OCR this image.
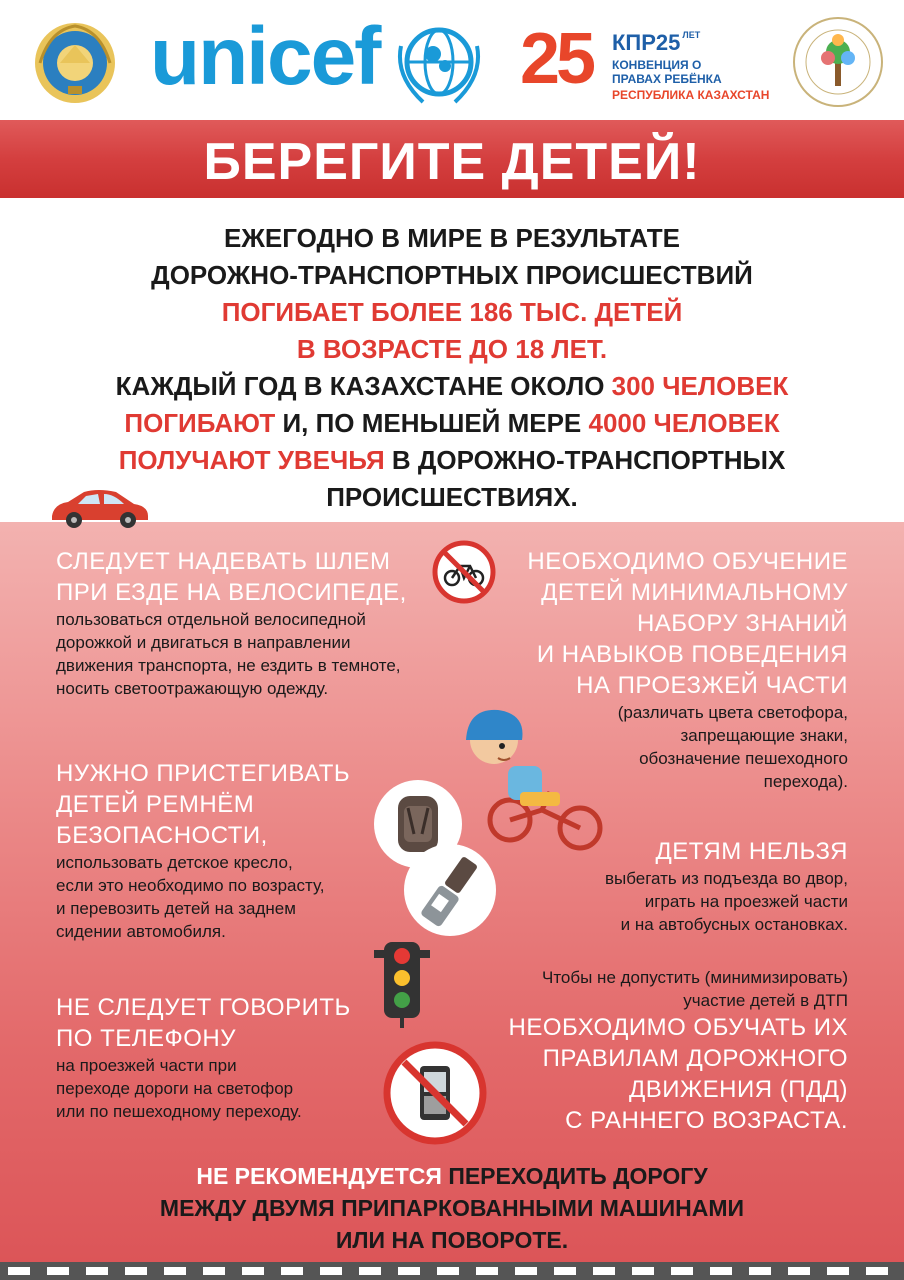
unicef 25 КПР25 $^{ЛЕТ}$
КОНВЕНЦИЯ О
ПРАВАХ РЕБЁНКА
РЕСПУБЛИКА КАЗАХСТАН
БЕРЕГИТЕ ДЕТЕЙ!
ЕЖЕГОДНО В МИРЕ В РЕЗУЛЬТАТЕ
ДОРОЖНО-ТРАНСПОРТНЫХ ПРОИСШЕСТВИЙ
ПОГИБАЕТ БОЛЕЕ 186 ТЫС. ДЕТЕЙ
В ВОЗРАСТЕ ДО 18 ЛЕТ.
КАЖДЫЙ ГОД В КАЗАХСТАНЕ ОКОЛО 300 ЧЕЛОВЕК
ПОГИБАЮТ И, ПО МЕНЬШЕЙ МЕРЕ 4000 ЧЕЛОВЕК
ПОЛУЧАЮТ УВЕЧЬЯ В ДОРОЖНО-ТРАНСПОРТНЫХ
ПРОИСШЕСТВИЯХ.
СЛЕДУЕТ НАДЕВАТЬ ШЛЕМ
ПРИ ЕЗДЕ НА ВЕЛОСИПЕДЕ,
пользоваться отдельной велосипедной
дорожкой и двигаться в направлении
движения транспорта, не ездить в темноте,
носить светоотражающую одежду.
НУЖНО ПРИСТЕГИВАТЬ
ДЕТЕЙ РЕМНЁМ
БЕЗОПАСНОСТИ,
использовать детское кресло,
если это необходимо по возрасту,
и перевозить детей на заднем
сидении автомобиля.
НЕ СЛЕДУЕТ ГОВОРИТЬ
ПО ТЕЛЕФОНУ
на проезжей части при
переходе дороги на светофор
или по пешеходному переходу.
НЕОБХОДИМО ОБУЧЕНИЕ
ДЕТЕЙ МИНИМАЛЬНОМУ
НАБОРУ ЗНАНИЙ
И НАВЫКОВ ПОВЕДЕНИЯ
НА ПРОЕЗЖЕЙ ЧАСТИ
(различать цвета светофора,
запрещающие знаки,
обозначение пешеходного
перехода).
ДЕТЯМ НЕЛЬЗЯ
выбегать из подъезда во двор,
играть на проезжей части
и на автобусных остановках.
Чтобы не допустить (минимизировать)
участие детей в ДТП
НЕОБХОДИМО ОБУЧАТЬ ИХ
ПРАВИЛАМ ДОРОЖНОГО
ДВИЖЕНИЯ (ПДД)
С РАННЕГО ВОЗРАСТА.
НЕ РЕКОМЕНДУЕТСЯ ПЕРЕХОДИТЬ ДОРОГУ
МЕЖДУ ДВУМЯ ПРИПАРКОВАННЫМИ МАШИНАМИ
ИЛИ НА ПОВОРОТЕ.
